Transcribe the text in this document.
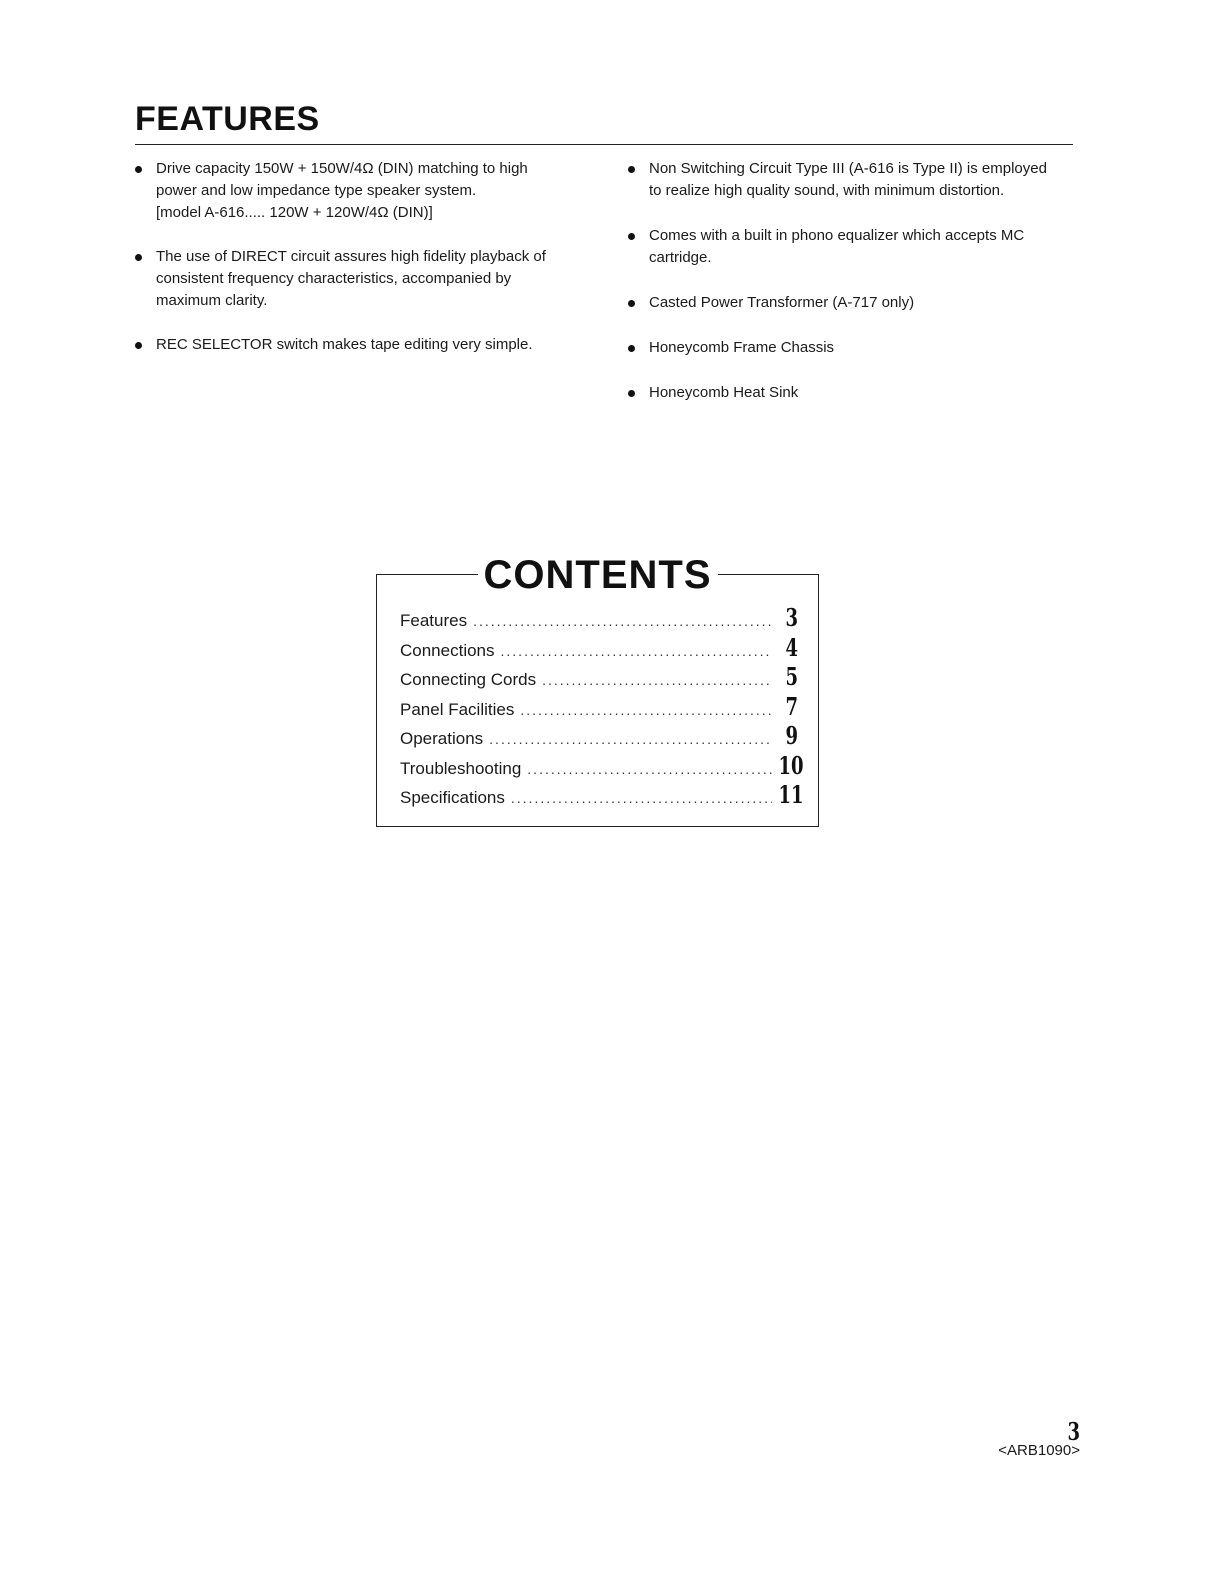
FEATURES
Drive capacity 150W + 150W/4Ω (DIN) matching to high
power and low impedance type speaker system.
[model A-616..... 120W + 120W/4Ω (DIN)]
The use of DIRECT circuit assures high fidelity playback of
consistent frequency characteristics, accompanied by
maximum clarity.
REC SELECTOR switch makes tape editing very simple.
Non Switching Circuit Type III (A-616 is Type II) is employed
to realize high quality sound, with minimum distortion.
Comes with a built in phono equalizer which accepts MC
cartridge.
Casted Power Transformer (A-717 only)
Honeycomb Frame Chassis
Honeycomb Heat Sink
CONTENTS
Features .....	3
Connections .....	4
Connecting Cords .....	5
Panel Facilities .....	7
Operations .....	9
Troubleshooting .....	10
Specifications .....	11
3
<ARB1090>
